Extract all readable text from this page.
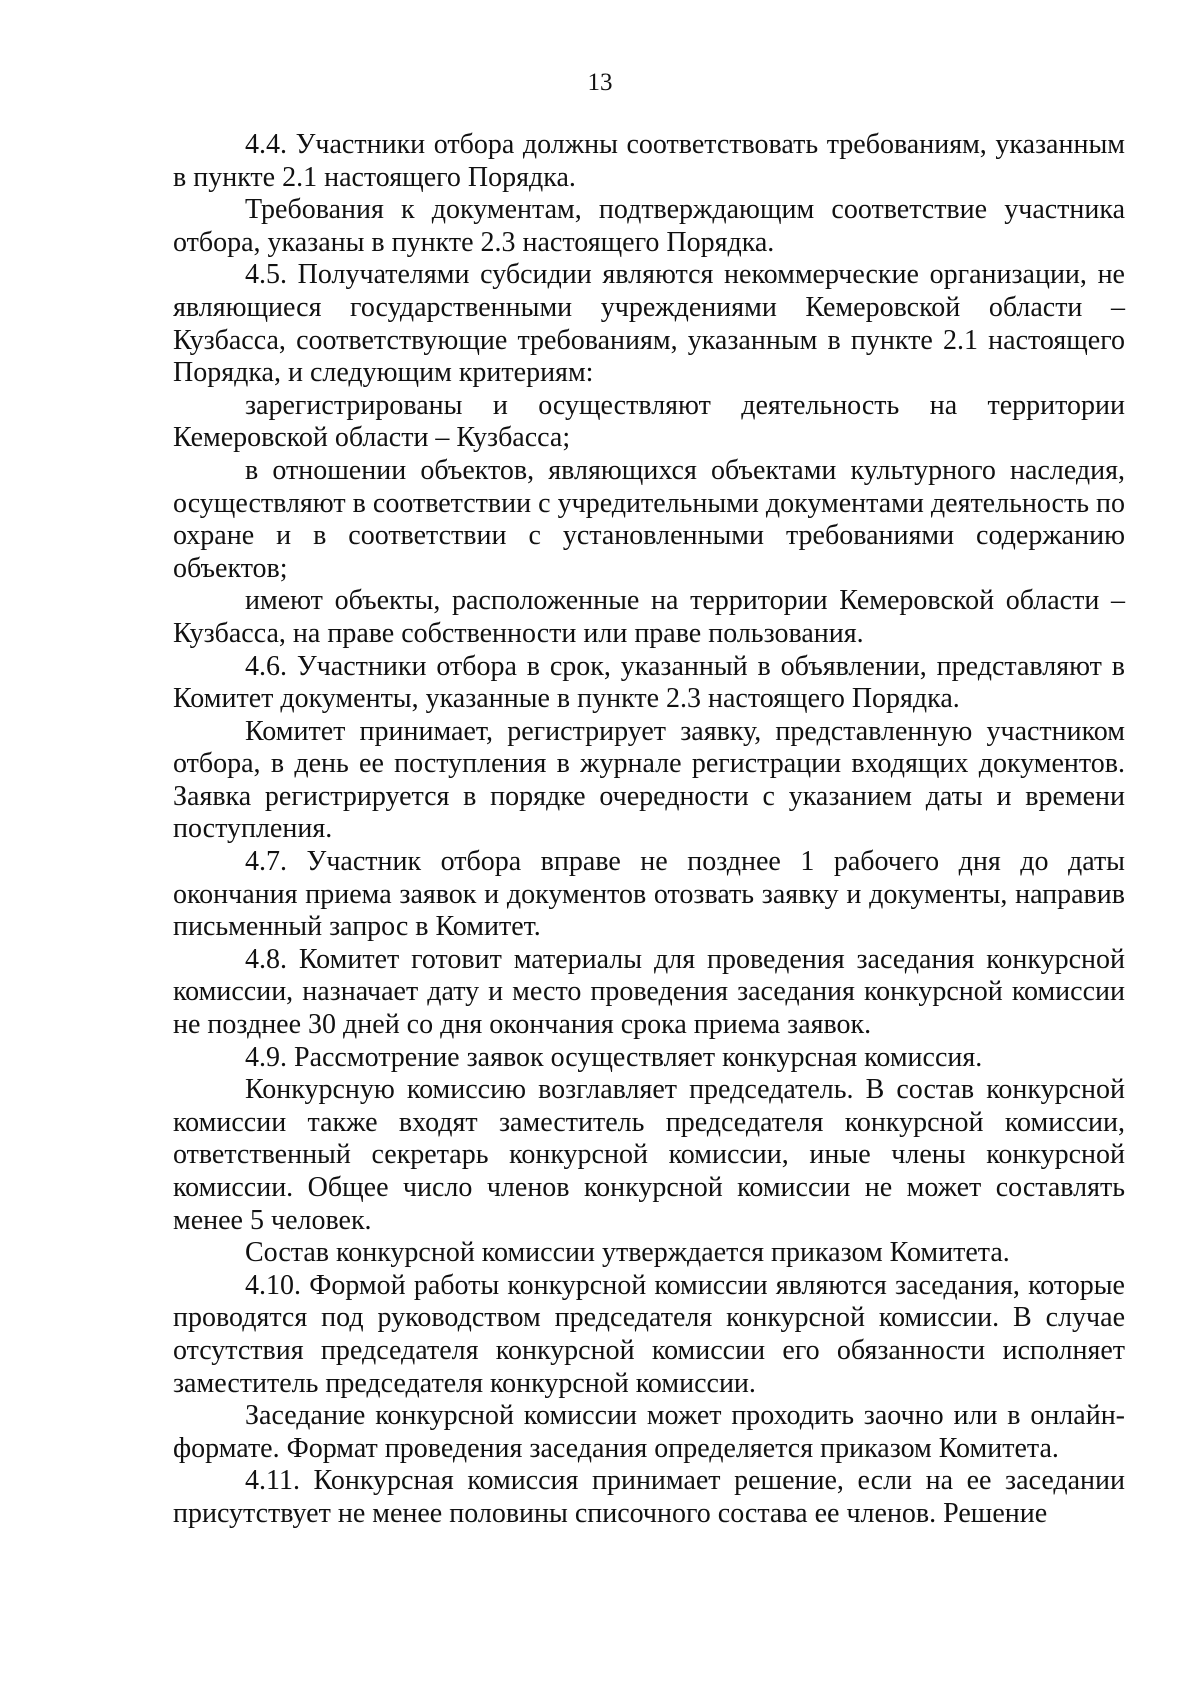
13

4.4. Участники отбора должны соответствовать требованиям, указанным в пункте 2.1 настоящего Порядка.

Требования к документам, подтверждающим соответствие участника отбора, указаны в пункте 2.3 настоящего Порядка.

4.5. Получателями субсидии являются некоммерческие организации, не являющиеся государственными учреждениями Кемеровской области – Кузбасса, соответствующие требованиям, указанным в пункте 2.1 настоящего Порядка, и следующим критериям:

зарегистрированы и осуществляют деятельность на территории Кемеровской области – Кузбасса;

в отношении объектов, являющихся объектами культурного наследия, осуществляют в соответствии с учредительными документами деятельность по охране и в соответствии с установленными требованиями содержанию объектов;

имеют объекты, расположенные на территории Кемеровской области – Кузбасса, на праве собственности или праве пользования.

4.6. Участники отбора в срок, указанный в объявлении, представляют в Комитет документы, указанные в пункте 2.3 настоящего Порядка.

Комитет принимает, регистрирует заявку, представленную участником отбора, в день ее поступления в журнале регистрации входящих документов. Заявка регистрируется в порядке очередности с указанием даты и времени поступления.

4.7. Участник отбора вправе не позднее 1 рабочего дня до даты окончания приема заявок и документов отозвать заявку и документы, направив письменный запрос в Комитет.

4.8. Комитет готовит материалы для проведения заседания конкурсной комиссии, назначает дату и место проведения заседания конкурсной комиссии не позднее 30 дней со дня окончания срока приема заявок.

4.9. Рассмотрение заявок осуществляет конкурсная комиссия.

Конкурсную комиссию возглавляет председатель. В состав конкурсной комиссии также входят заместитель председателя конкурсной комиссии, ответственный секретарь конкурсной комиссии, иные члены конкурсной комиссии. Общее число членов конкурсной комиссии не может составлять менее 5 человек.

Состав конкурсной комиссии утверждается приказом Комитета.

4.10. Формой работы конкурсной комиссии являются заседания, которые проводятся под руководством председателя конкурсной комиссии. В случае отсутствия председателя конкурсной комиссии его обязанности исполняет заместитель председателя конкурсной комиссии.

Заседание конкурсной комиссии может проходить заочно или в онлайн-формате. Формат проведения заседания определяется приказом Комитета.

4.11. Конкурсная комиссия принимает решение, если на ее заседании присутствует не менее половины списочного состава ее членов. Решение
